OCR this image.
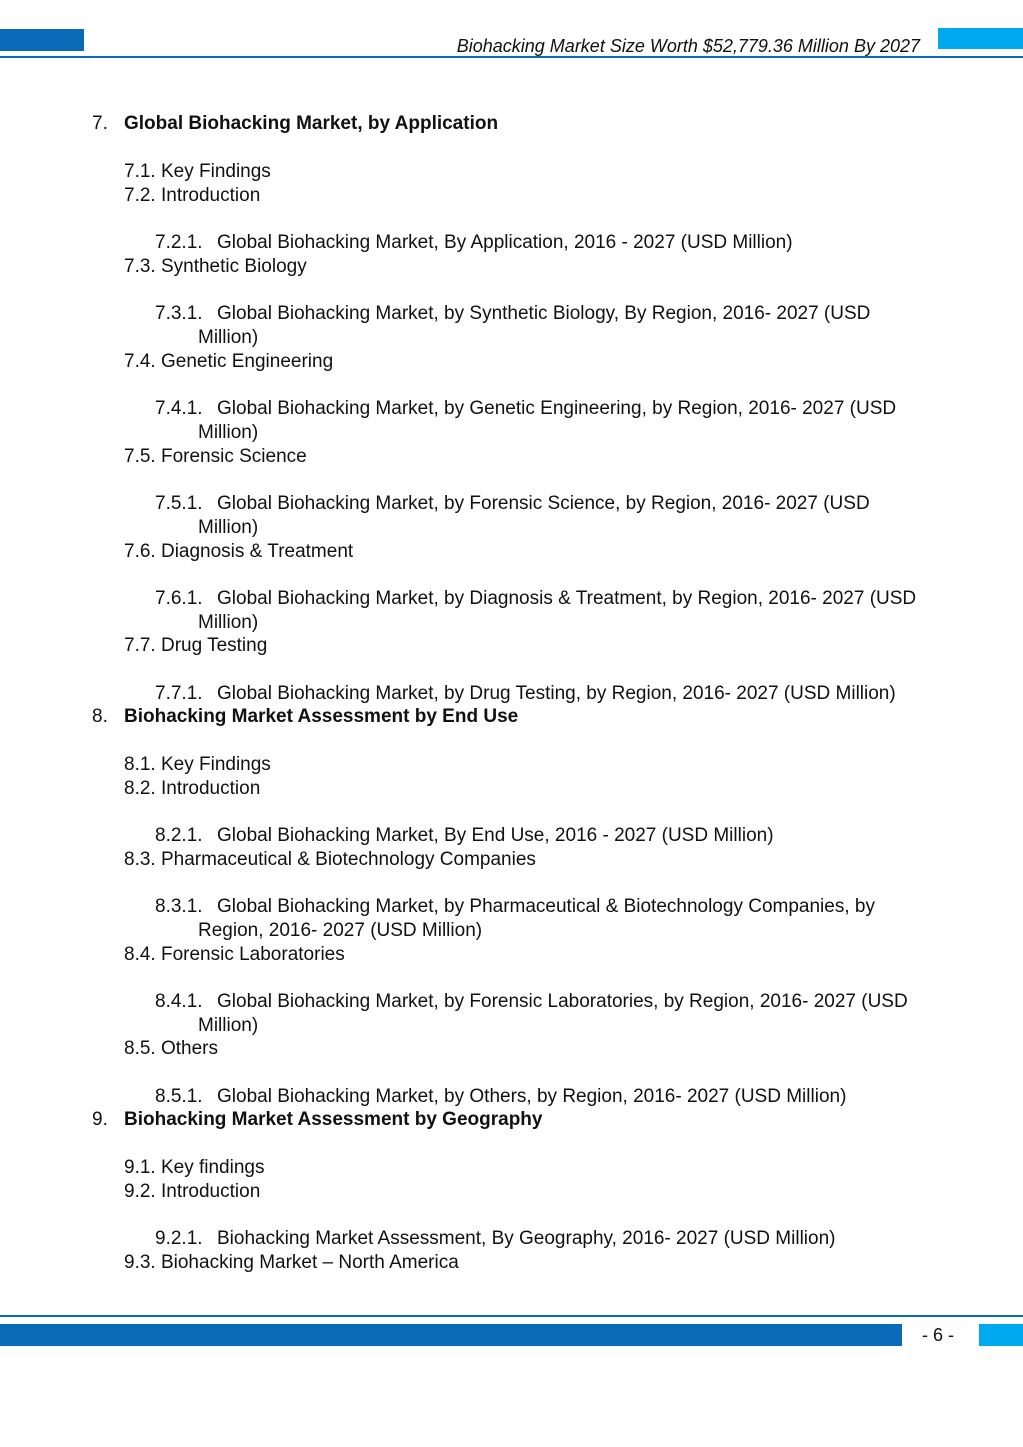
Biohacking Market Size Worth $52,779.36 Million By 2027
7. Global Biohacking Market, by Application
7.1. Key Findings
7.2. Introduction
7.2.1. Global Biohacking Market, By Application, 2016 - 2027 (USD Million)
7.3. Synthetic Biology
7.3.1. Global Biohacking Market, by Synthetic Biology, By Region, 2016- 2027 (USD
Million)
7.4. Genetic Engineering
7.4.1. Global Biohacking Market, by Genetic Engineering, by Region, 2016- 2027 (USD
Million)
7.5. Forensic Science
7.5.1. Global Biohacking Market, by Forensic Science, by Region, 2016- 2027 (USD
Million)
7.6. Diagnosis & Treatment
7.6.1. Global Biohacking Market, by Diagnosis & Treatment, by Region, 2016- 2027 (USD
Million)
7.7. Drug Testing
7.7.1. Global Biohacking Market, by Drug Testing, by Region, 2016- 2027 (USD Million)
8. Biohacking Market Assessment by End Use
8.1. Key Findings
8.2. Introduction
8.2.1. Global Biohacking Market, By End Use, 2016 - 2027 (USD Million)
8.3. Pharmaceutical & Biotechnology Companies
8.3.1. Global Biohacking Market, by Pharmaceutical & Biotechnology Companies, by
Region, 2016- 2027 (USD Million)
8.4. Forensic Laboratories
8.4.1. Global Biohacking Market, by Forensic Laboratories, by Region, 2016- 2027 (USD
Million)
8.5. Others
8.5.1. Global Biohacking Market, by Others, by Region, 2016- 2027 (USD Million)
9. Biohacking Market Assessment by Geography
9.1. Key findings
9.2. Introduction
9.2.1. Biohacking Market Assessment, By Geography, 2016- 2027 (USD Million)
9.3. Biohacking Market – North America
- 6 -
